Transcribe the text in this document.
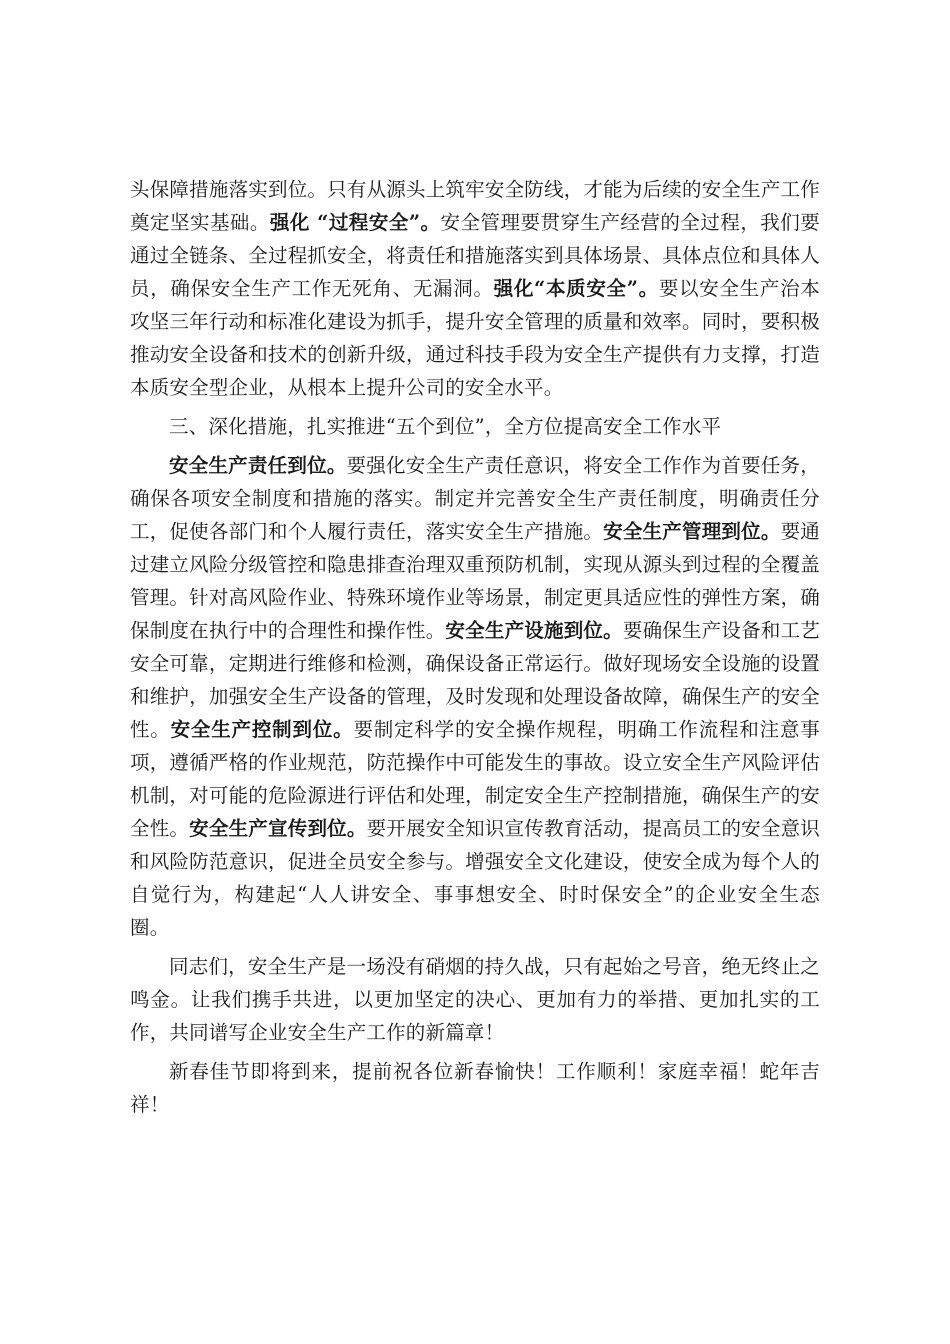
头保障措施落实到位。只有从源头上筑牢安全防线，才能为后续的安全生产工作奠定坚实基础。强化 “过程安全”。安全管理要贯穿生产经营的全过程，我们要通过全链条、全过程抓安全，将责任和措施落实到具体场景、具体点位和具体人员，确保安全生产工作无死角、无漏洞。强化“本质安全”。要以安全生产治本攻坚三年行动和标准化建设为抓手，提升安全管理的质量和效率。同时，要积极推动安全设备和技术的创新升级，通过科技手段为安全生产提供有力支撑，打造本质安全型企业，从根本上提升公司的安全水平。

三、深化措施，扎实推进“五个到位”，全方位提高安全工作水平

安全生产责任到位。要强化安全生产责任意识，将安全工作作为首要任务，确保各项安全制度和措施的落实。制定并完善安全生产责任制度，明确责任分工，促使各部门和个人履行责任，落实安全生产措施。安全生产管理到位。要通过建立风险分级管控和隐患排查治理双重预防机制，实现从源头到过程的全覆盖管理。针对高风险作业、特殊环境作业等场景，制定更具适应性的弹性方案，确保制度在执行中的合理性和操作性。安全生产设施到位。要确保生产设备和工艺安全可靠，定期进行维修和检测，确保设备正常运行。做好现场安全设施的设置和维护，加强安全生产设备的管理，及时发现和处理设备故障，确保生产的安全性。安全生产控制到位。要制定科学的安全操作规程，明确工作流程和注意事项，遵循严格的作业规范，防范操作中可能发生的事故。设立安全生产风险评估机制，对可能的危险源进行评估和处理，制定安全生产控制措施，确保生产的安全性。安全生产宣传到位。要开展安全知识宣传教育活动，提高员工的安全意识和风险防范意识，促进全员安全参与。增强安全文化建设，使安全成为每个人的自觉行为，构建起“人人讲安全、事事想安全、时时保安全”的企业安全生态圈。

同志们，安全生产是一场没有硝烟的持久战，只有起始之号音，绝无终止之鸣金。让我们携手共进，以更加坚定的决心、更加有力的举措、更加扎实的工作，共同谱写企业安全生产工作的新篇章！

新春佳节即将到来，提前祝各位新春愉快！工作顺利！家庭幸福！蛇年吉祥！
